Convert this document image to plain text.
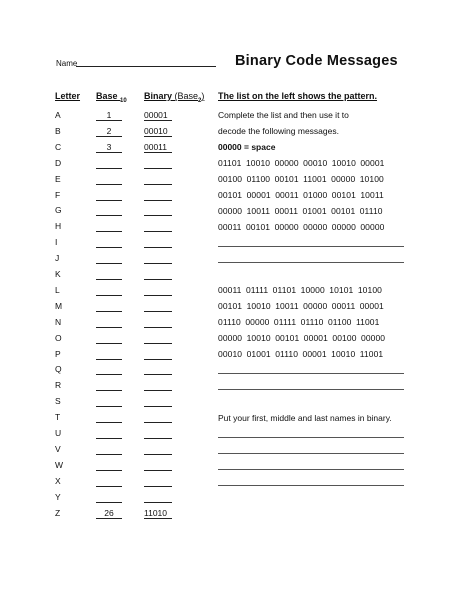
Name	Binary Code Messages
Letter Base $_{10}$ Binary (Base$_2$)
A	1	00001
B	2	00010
C	3	00011
D
E
F
G
H
I
J
K
L
M
N
O
P
Q
R
S
T
U
V
W
X
Y
Z	26	11010
The list on the left shows the pattern.
Complete the list and then use it to
decode the following messages.
00000 = space
01101 10010 00000 00010 10010 00001
00100 01100 00101 11001 00000 10100
00101 00001 00011 01000 00101 10011
00000 10011 00011 01001 00101 01110
00011 00101 00000 00000 00000 00000
00011 01111 01101 10000 10101 10100
00101 10010 10011 00000 00011 00001
01110 00000 01111 01110 01100 11001
00000 10010 00101 00001 00100 00000
00010 01001 01110 00001 10010 11001
Put your first, middle and last names in binary.
